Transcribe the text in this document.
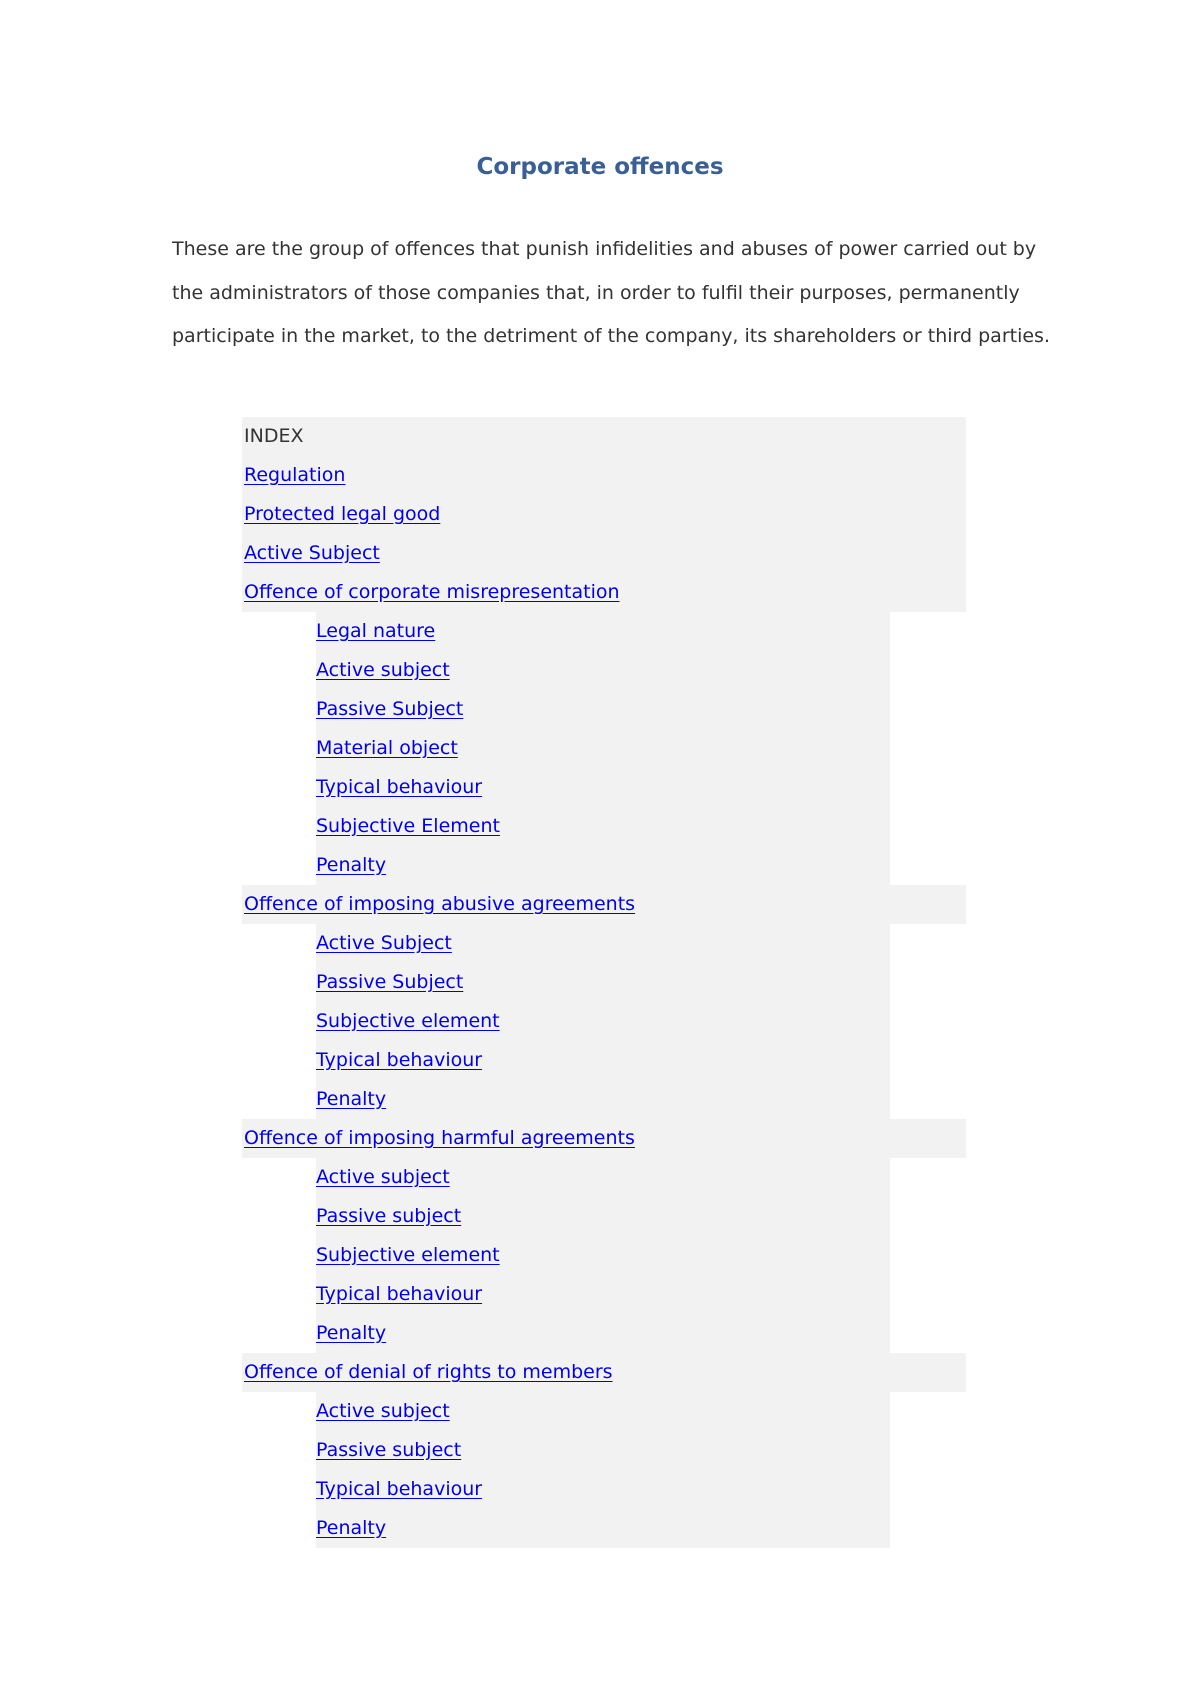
Corporate offences

These are the group of offences that punish infidelities and abuses of power carried out by the administrators of those companies that, in order to fulfil their purposes, permanently participate in the market, to the detriment of the company, its shareholders or third parties.

INDEX
Regulation
Protected legal good
Active Subject
Offence of corporate misrepresentation
Legal nature
Active subject
Passive Subject
Material object
Typical behaviour
Subjective Element
Penalty
Offence of imposing abusive agreements
Active Subject
Passive Subject
Subjective element
Typical behaviour
Penalty
Offence of imposing harmful agreements
Active subject
Passive subject
Subjective element
Typical behaviour
Penalty
Offence of denial of rights to members
Active subject
Passive subject
Typical behaviour
Penalty
